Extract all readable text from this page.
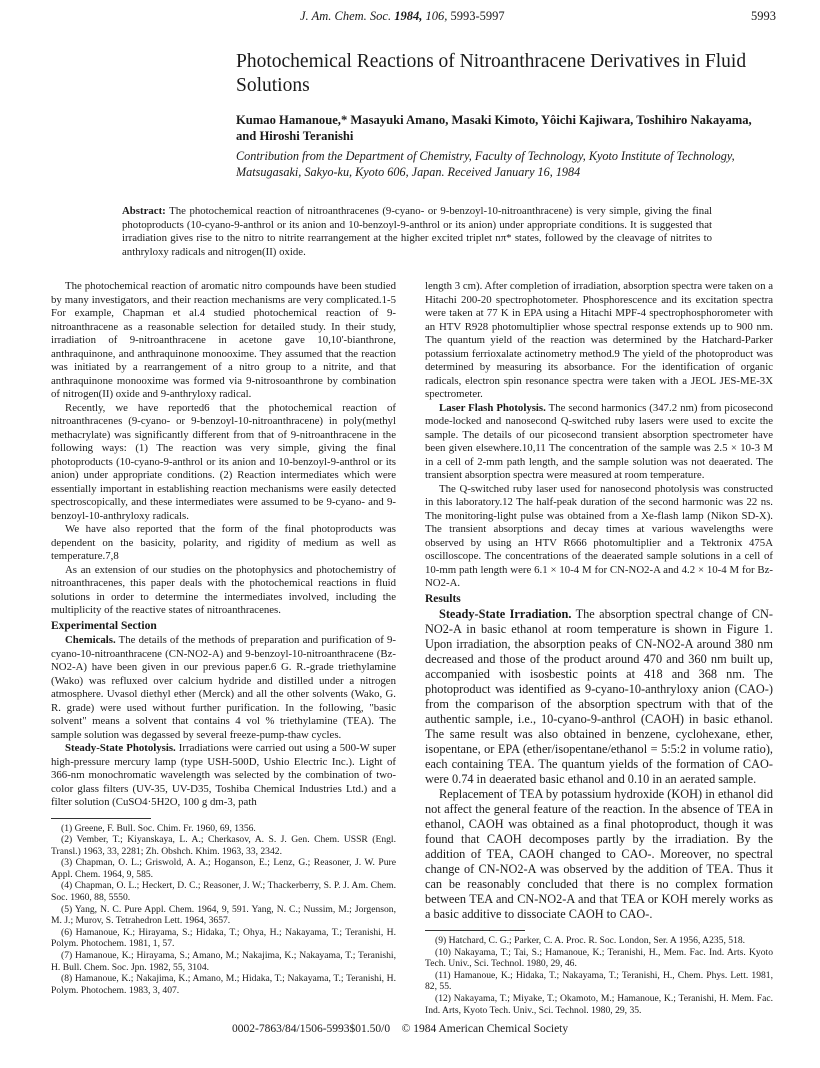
J. Am. Chem. Soc. 1984, 106, 5993-5997	5993
Photochemical Reactions of Nitroanthracene Derivatives in Fluid Solutions
Kumao Hamanoue,* Masayuki Amano, Masaki Kimoto, Yôichi Kajiwara, Toshihiro Nakayama, and Hiroshi Teranishi
Contribution from the Department of Chemistry, Faculty of Technology, Kyoto Institute of Technology, Matsugasaki, Sakyo-ku, Kyoto 606, Japan. Received January 16, 1984
Abstract: The photochemical reaction of nitroanthracenes (9-cyano- or 9-benzoyl-10-nitroanthracene) is very simple, giving the final photoproducts (10-cyano-9-anthrol or its anion and 10-benzoyl-9-anthrol or its anion) under appropriate conditions. It is suggested that irradiation gives rise to the nitro to nitrite rearrangement at the higher excited triplet nπ* states, followed by the cleavage of nitrites to anthryloxy radicals and nitrogen(II) oxide.

The photochemical reaction of aromatic nitro compounds have been studied by many investigators, and their reaction mechanisms are very complicated.1-5 For example, Chapman et al.4 studied photochemical reaction of 9-nitroanthracene as a reasonable selection for detailed study. In their study, irradiation of 9-nitroanthracene in acetone gave 10,10'-bianthrone, anthraquinone, and anthraquinone monooxime. They assumed that the reaction was initiated by a rearrangement of a nitro group to a nitrite, and that anthraquinone monooxime was formed via 9-nitrosoanthrone by combination of nitrogen(II) oxide and 9-anthryloxy radical.

Recently, we have reported6 that the photochemical reaction of nitroanthracenes (9-cyano- or 9-benzoyl-10-nitroanthracene) in poly(methyl methacrylate) was significantly different from that of 9-nitroanthracene in the following ways: (1) The reaction was very simple, giving the final photoproducts (10-cyano-9-anthrol or its anion and 10-benzoyl-9-anthrol or its anion) under appropriate conditions. (2) Reaction intermediates which were essentially important in establishing reaction mechanisms were easily detected spectroscopically, and these intermediates were assumed to be 9-cyano- and 9-benzoyl-10-anthryloxy radicals.

We have also reported that the form of the final photoproducts was dependent on the basicity, polarity, and rigidity of medium as well as temperature.7,8

As an extension of our studies on the photophysics and photochemistry of nitroanthracenes, this paper deals with the photochemical reactions in fluid solutions in order to determine the intermediates involved, including the multiplicity of the reactive states of nitroanthracenes.

Experimental Section

Chemicals. The details of the methods of preparation and purification of 9-cyano-10-nitroanthracene (CN-NO2-A) and 9-benzoyl-10-nitroanthracene (Bz-NO2-A) have been given in our previous paper.6 G. R.-grade triethylamine (Wako) was refluxed over calcium hydride and distilled under a nitrogen atmosphere. Uvasol diethyl ether (Merck) and all the other solvents (Wako, G. R. grade) were used without further purification. In the following, "basic solvent" means a solvent that contains 4 vol % triethylamine (TEA). The sample solution was degassed by several freeze-pump-thaw cycles.

Steady-State Photolysis. Irradiations were carried out using a 500-W super high-pressure mercury lamp (type USH-500D, Ushio Electric Inc.). Light of 366-nm monochromatic wavelength was selected by the combination of two-color glass filters (UV-35, UV-D35, Toshiba Chemical Industries Ltd.) and a filter solution (CuSO4·5H2O, 100 g dm-3, path

(1) Greene, F. Bull. Soc. Chim. Fr. 1960, 69, 1356.

(2) Vember, T.; Kiyanskaya, L. A.; Cherkasov, A. S. J. Gen. Chem. USSR (Engl. Transl.) 1963, 33, 2281; Zh. Obshch. Khim. 1963, 33, 2342.

(3) Chapman, O. L.; Griswold, A. A.; Hoganson, E.; Lenz, G.; Reasoner, J. W. Pure Appl. Chem. 1964, 9, 585.

(4) Chapman, O. L.; Heckert, D. C.; Reasoner, J. W.; Thackerberry, S. P. J. Am. Chem. Soc. 1960, 88, 5550.

(5) Yang, N. C. Pure Appl. Chem. 1964, 9, 591. Yang, N. C.; Nussim, M.; Jorgenson, M. J.; Murov, S. Tetrahedron Lett. 1964, 3657.

(6) Hamanoue, K.; Hirayama, S.; Hidaka, T.; Ohya, H.; Nakayama, T.; Teranishi, H. Polym. Photochem. 1981, 1, 57.

(7) Hamanoue, K.; Hirayama, S.; Amano, M.; Nakajima, K.; Nakayama, T.; Teranishi, H. Bull. Chem. Soc. Jpn. 1982, 55, 3104.

(8) Hamanoue, K.; Nakajima, K.; Amano, M.; Hidaka, T.; Nakayama, T.; Teranishi, H. Polym. Photochem. 1983, 3, 407.

length 3 cm). After completion of irradiation, absorption spectra were taken on a Hitachi 200-20 spectrophotometer. Phosphorescence and its excitation spectra were taken at 77 K in EPA using a Hitachi MPF-4 spectrophosphorometer with an HTV R928 photomultiplier whose spectral response extends up to 900 nm. The quantum yield of the reaction was determined by the Hatchard-Parker potassium ferrioxalate actinometry method.9 The yield of the photoproduct was determined by measuring its absorbance. For the identification of organic radicals, electron spin resonance spectra were taken with a JEOL JES-ME-3X spectrometer.

Laser Flash Photolysis. The second harmonics (347.2 nm) from picosecond mode-locked and nanosecond Q-switched ruby lasers were used to excite the sample. The details of our picosecond transient absorption spectrometer have been given elsewhere.10,11 The concentration of the sample was 2.5 × 10-3 M in a cell of 2-mm path length, and the sample solution was not deaerated. The transient absorption spectra were measured at room temperature.

The Q-switched ruby laser used for nanosecond photolysis was constructed in this laboratory.12 The half-peak duration of the second harmonic was 22 ns. The monitoring-light pulse was obtained from a Xe-flash lamp (Nikon SD-X). The transient absorptions and decay times at various wavelengths were observed by using an HTV R666 photomultiplier and a Tektronix 475A oscilloscope. The concentrations of the deaerated sample solutions in a cell of 10-mm path length were 6.1 × 10-4 M for CN-NO2-A and 4.2 × 10-4 M for Bz-NO2-A.

Results

Steady-State Irradiation. The absorption spectral change of CN-NO2-A in basic ethanol at room temperature is shown in Figure 1. Upon irradiation, the absorption peaks of CN-NO2-A around 380 nm decreased and those of the product around 470 and 360 nm built up, accompanied with isosbestic points at 418 and 368 nm. The photoproduct was identified as 9-cyano-10-anthryloxy anion (CAO-) from the comparison of the absorption spectrum with that of the authentic sample, i.e., 10-cyano-9-anthrol (CAOH) in basic ethanol. The same result was also obtained in benzene, cyclohexane, ether, isopentane, or EPA (ether/isopentane/ethanol = 5:5:2 in volume ratio), each containing TEA. The quantum yields of the formation of CAO- were 0.74 in deaerated basic ethanol and 0.10 in an aerated sample.

Replacement of TEA by potassium hydroxide (KOH) in ethanol did not affect the general feature of the reaction. In the absence of TEA in ethanol, CAOH was obtained as a final photoproduct, though it was found that CAOH decomposes partly by the irradiation. By the addition of TEA, CAOH changed to CAO-. Moreover, no spectral change of CN-NO2-A was observed by the addition of TEA. Thus it can be reasonably concluded that there is no complex formation between TEA and CN-NO2-A and that TEA or KOH merely works as a basic additive to dissociate CAOH to CAO-.

(9) Hatchard, C. G.; Parker, C. A. Proc. R. Soc. London, Ser. A 1956, A235, 518.

(10) Nakayama, T.; Tai, S.; Hamanoue, K.; Teranishi, H., Mem. Fac. Ind. Arts. Kyoto Tech. Univ., Sci. Technol. 1980, 29, 46.

(11) Hamanoue, K.; Hidaka, T.; Nakayama, T.; Teranishi, H., Chem. Phys. Lett. 1981, 82, 55.

(12) Nakayama, T.; Miyake, T.; Okamoto, M.; Hamanoue, K.; Teranishi, H. Mem. Fac. Ind. Arts, Kyoto Tech. Univ., Sci. Technol. 1980, 29, 35.

0002-7863/84/1506-5993$01.50/0 © 1984 American Chemical Society
